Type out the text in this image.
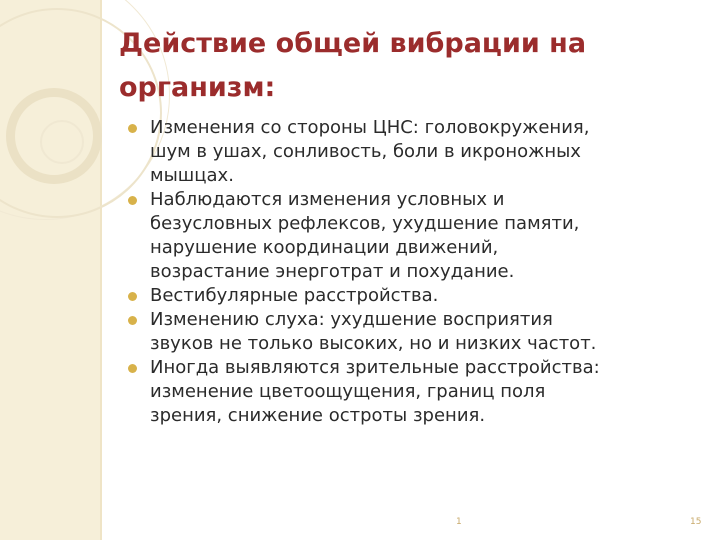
Действие общей вибрации на
организм:
Изменения со стороны ЦНС: головокружения,
шум в ушах, сонливость, боли в икроножных
мышцах.
Наблюдаются изменения условных и
безусловных рефлексов, ухудшение памяти,
нарушение координации движений,
возрастание энерготрат и похудание.
Вестибулярные расстройства.
Изменению слуха: ухудшение восприятия
звуков не только высоких, но и низких частот.
Иногда выявляются зрительные расстройства:
изменение цветоощущения, границ поля
зрения, снижение остроты зрения.
1	15
